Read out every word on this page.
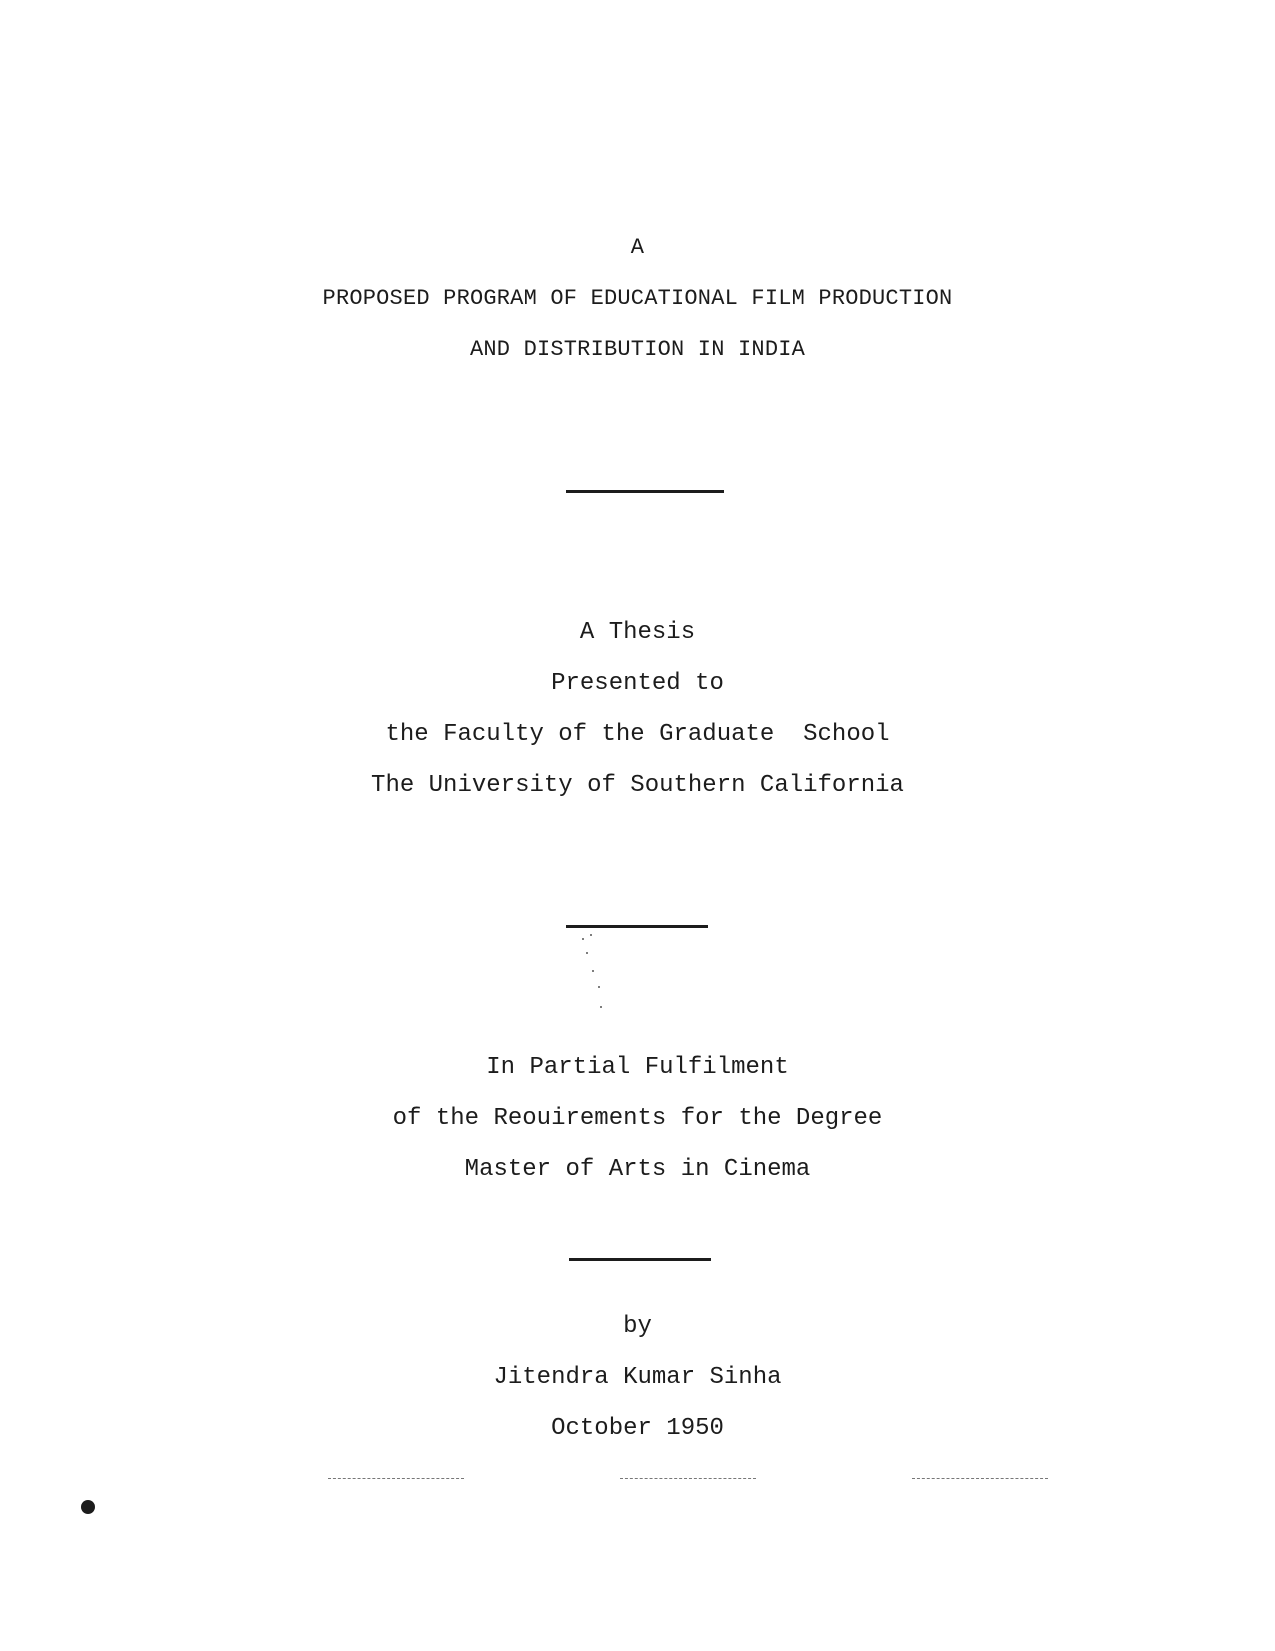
A
PROPOSED PROGRAM OF EDUCATIONAL FILM PRODUCTION
AND DISTRIBUTION IN INDIA
A Thesis
Presented to
the Faculty of the Graduate  School
The University of Southern California
In Partial Fulfilment
of the Reouirements for the Degree
Master of Arts in Cinema
by
Jitendra Kumar Sinha
October 1950
